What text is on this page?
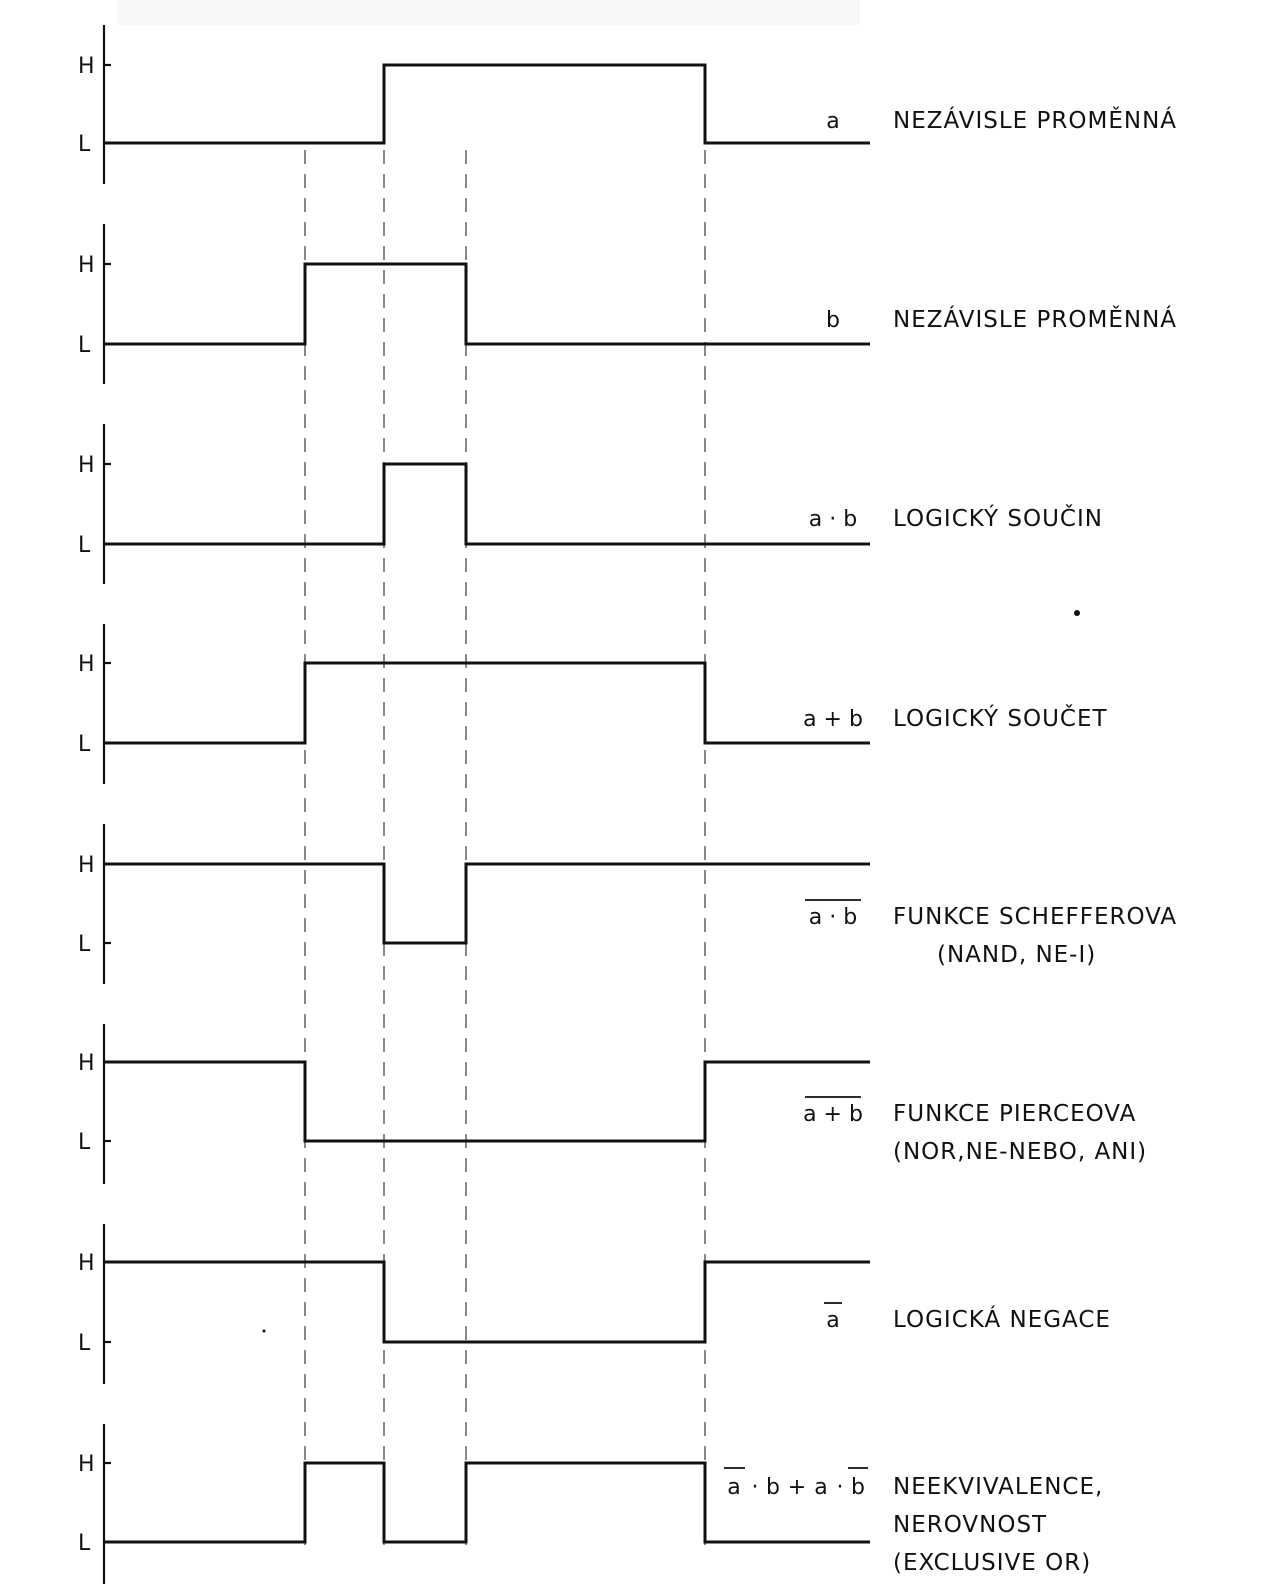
H
L
a NEZÁVISLE PROMĚNNÁ
H
L
b NEZÁVISLE PROMĚNNÁ
H
L
a · b LOGICKÝ SOUČIN
H
L
a + b LOGICKÝ SOUČET
H
L
a · b FUNKCE SCHEFFEROVA
(NAND, NE-I)
H
L
a + b FUNKCE PIERCEOVA
(NOR,NE-NEBO, ANI)
H
L
a LOGICKÁ NEGACE
H
L
a · b + a · b NEEKVIVALENCE,
NEROVNOST
(EXCLUSIVE OR)
